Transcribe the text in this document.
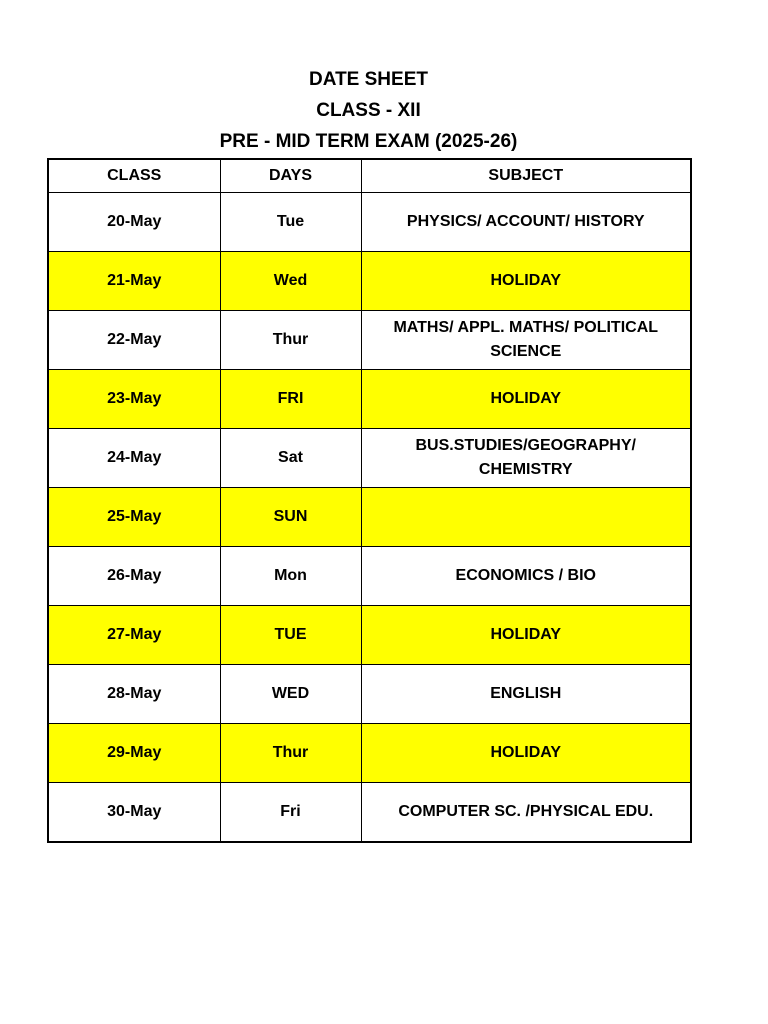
DATE SHEET
CLASS - XII
PRE - MID TERM EXAM (2025-26)
CLASS	DAYS	SUBJECT
20-May	Tue	PHYSICS/ ACCOUNT/ HISTORY
21-May	Wed	HOLIDAY
22-May	Thur	MATHS/ APPL. MATHS/ POLITICAL SCIENCE
23-May	FRI	HOLIDAY
24-May	Sat	BUS.STUDIES/GEOGRAPHY/ CHEMISTRY
25-May	SUN	
26-May	Mon	ECONOMICS / BIO
27-May	TUE	HOLIDAY
28-May	WED	ENGLISH
29-May	Thur	HOLIDAY
30-May	Fri	COMPUTER SC. /PHYSICAL EDU.
